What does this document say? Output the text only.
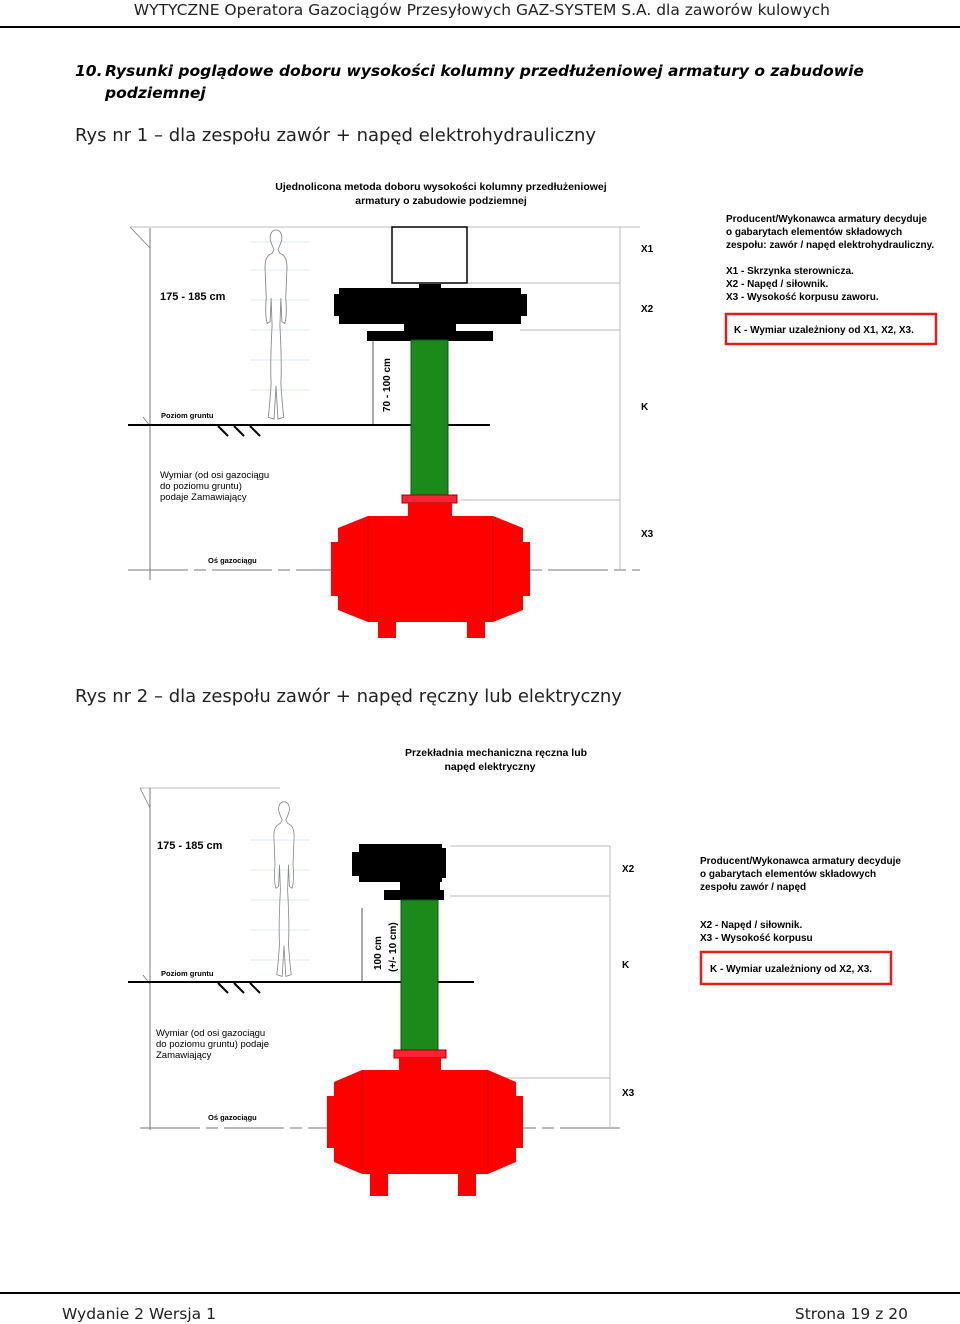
WYTYCZNE Operatora Gazociągów Przesyłowych GAZ-SYSTEM S.A. dla zaworów kulowych
10. Rysunki poglądowe doboru wysokości kolumny przedłużeniowej armatury o zabudowie

podziemnej
Rys nr 1 – dla zespołu zawór + napęd elektrohydrauliczny
Ujednolicona metoda doboru wysokości kolumny przedłużeniowej
armatury o zabudowie podziemnej
175 - 185 cm
Poziom gruntu
70 - 100 cm
Wymiar (od osi gazociągu
do poziomu gruntu)
podaje Zamawiający
Oś gazociągu
X1
X2
K
X3
Producent/Wykonawca armatury decyduje
o gabarytach elementów składowych
zespołu: zawór / napęd elektrohydrauliczny.
X1 - Skrzynka sterownicza.
X2 - Napęd / siłownik.
X3 - Wysokość korpusu zaworu.
K - Wymiar uzależniony od X1, X2, X3.
Rys nr 2 – dla zespołu zawór + napęd ręczny lub elektryczny
Przekładnia mechaniczna ręczna lub
napęd elektryczny
175 - 185 cm
Poziom gruntu
100 cm (+/- 10 cm)
Wymiar (od osi gazociągu
do poziomu gruntu) podaje
Zamawiający
Oś gazociągu
X2
K
X3
Producent/Wykonawca armatury decyduje
o gabarytach elementów składowych
zespołu zawór / napęd
X2 - Napęd / siłownik.
X3 - Wysokość korpusu
K - Wymiar uzależniony od X2, X3.
Wydanie 2 Wersja 1	Strona 19 z 20
